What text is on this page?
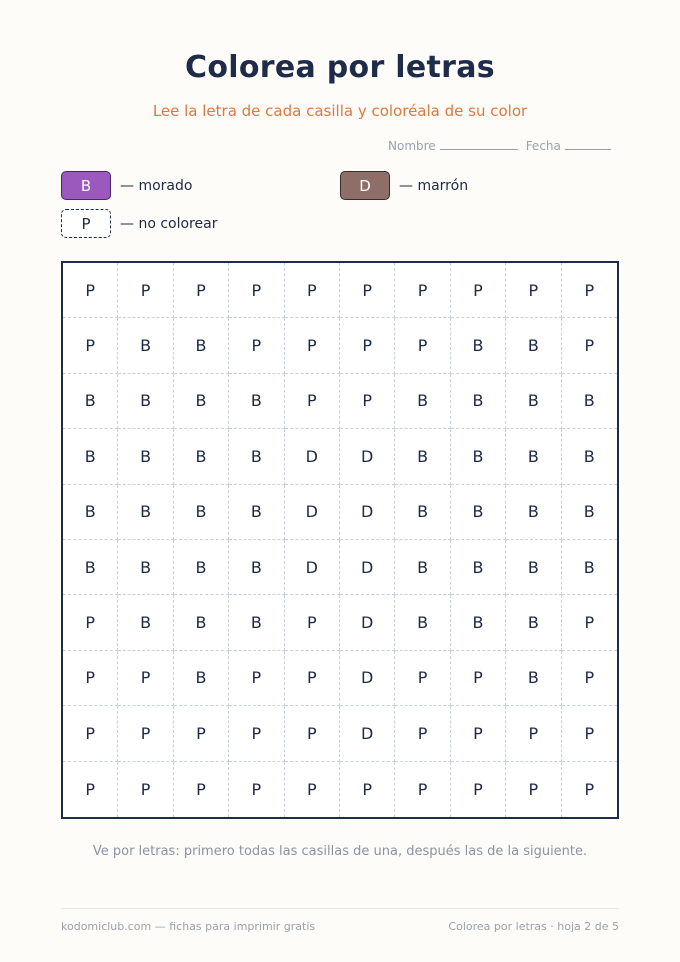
Colorea por letras
Lee la letra de cada casilla y coloréala de su color
Nombre	Fecha
B	— morado	D	— marrón
P	— no colorear
P	P	P	P	P	P	P	P	P	P
P	B	B	P	P	P	P	B	B	P
B	B	B	B	P	P	B	B	B	B
B	B	B	B	D	D	B	B	B	B
B	B	B	B	D	D	B	B	B	B
B	B	B	B	D	D	B	B	B	B
P	B	B	B	P	D	B	B	B	P
P	P	B	P	P	D	P	P	B	P
P	P	P	P	P	D	P	P	P	P
P	P	P	P	P	P	P	P	P	P
Ve por letras: primero todas las casillas de una, después las de la siguiente.
kodomiclub.com — fichas para imprimir gratis	Colorea por letras · hoja 2 de 5
